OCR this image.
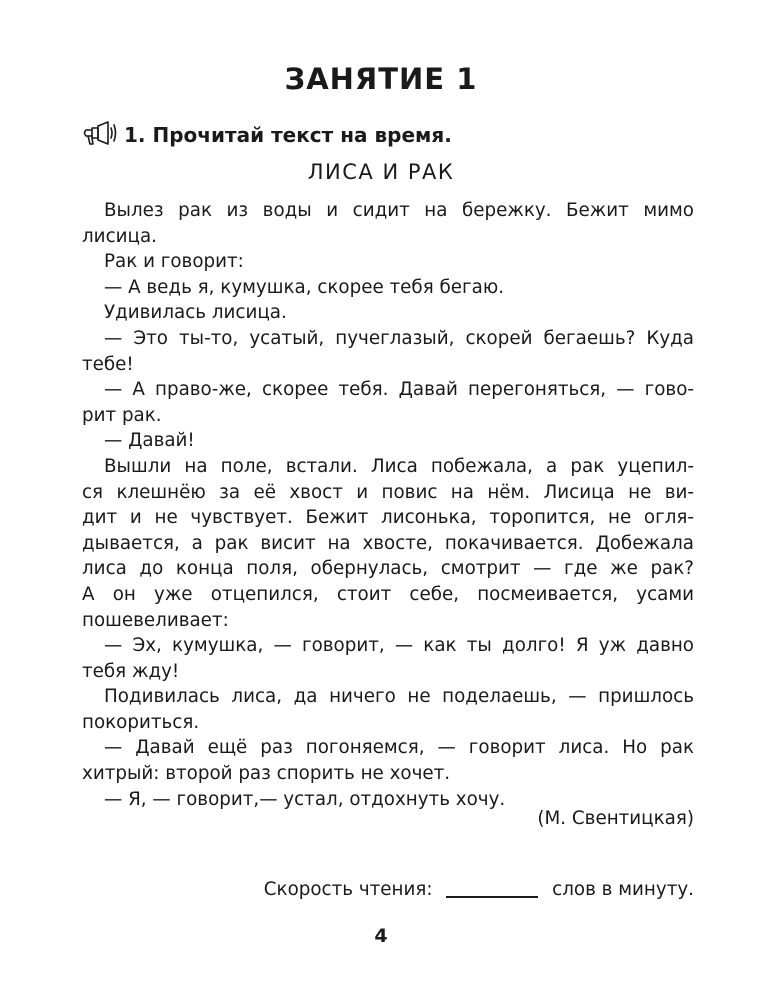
ЗАНЯТИЕ 1
1. Прочитай текст на время.
ЛИСА И РАК
Вылез рак из воды и сидит на бережку. Бежит мимо
лисица.
Рак и говорит:
— А ведь я, кумушка, скорее тебя бегаю.
Удивилась лисица.
— Это ты-то, усатый, пучеглазый, скорей бегаешь? Куда
тебе!
— А право-же, скорее тебя. Давай перегоняться, — гово-
рит рак.
— Давай!
Вышли на поле, встали. Лиса побежала, а рак уцепил-
ся клешнёю за её хвост и повис на нём. Лисица не ви-
дит и не чувствует. Бежит лисонька, торопится, не огля-
дывается, а рак висит на хвосте, покачивается. Добежала
лиса до конца поля, обернулась, смотрит — где же рак?
А он уже отцепился, стоит себе, посмеивается, усами
пошевеливает:
— Эх, кумушка, — говорит, — как ты долго! Я уж давно
тебя жду!
Подивилась лиса, да ничего не поделаешь, — пришлось
покориться.
— Давай ещё раз погоняемся, — говорит лиса. Но рак
хитрый: второй раз спорить не хочет.
— Я, — говорит,— устал, отдохнуть хочу.
(М. Свентицкая)
Скорость чтения:	слов в минуту.
4
